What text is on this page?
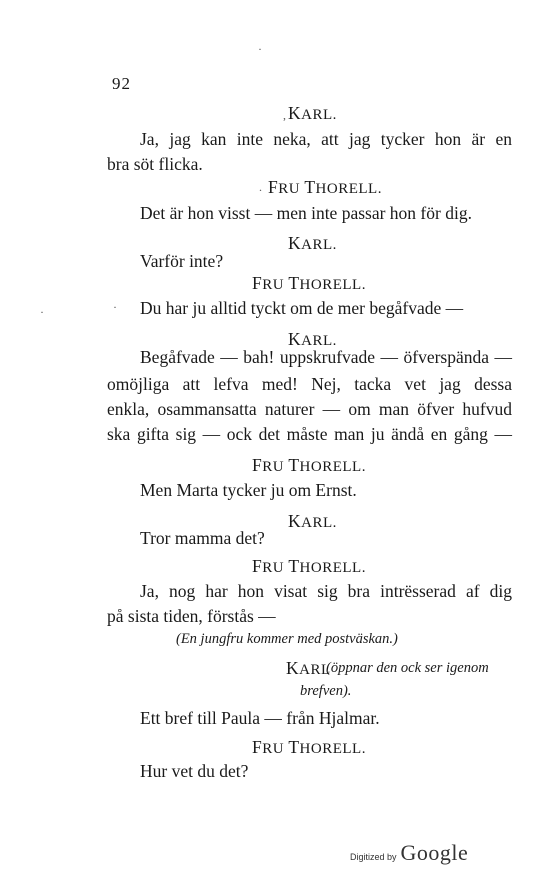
92
,
.
·
·
·
KARL.
Ja, jag kan inte neka, att jag tycker hon är en
bra söt flicka.
FRU THORELL.
Det är hon visst — men inte passar hon för dig.
KARL.
Varför inte?
FRU THORELL.
Du har ju alltid tyckt om de mer begåfvade —
KARL.
Begåfvade — bah! uppskrufvade — öfverspända —
omöjliga att lefva med! Nej, tacka vet jag dessa
enkla, osammansatta naturer — om man öfver hufvud
ska gifta sig — ock det måste man ju ändå en gång —
FRU THORELL.
Men Marta tycker ju om Ernst.
KARL.
Tror mamma det?
FRU THORELL.
Ja, nog har hon visat sig bra intrësserad af dig
på sista tiden, förstås —
(En jungfru kommer med postväskan.)
KARL
(öppnar den ock ser igenom
brefven).
Ett bref till Paula — från Hjalmar.
FRU THORELL.
Hur vet du det?
Digitized by Google
